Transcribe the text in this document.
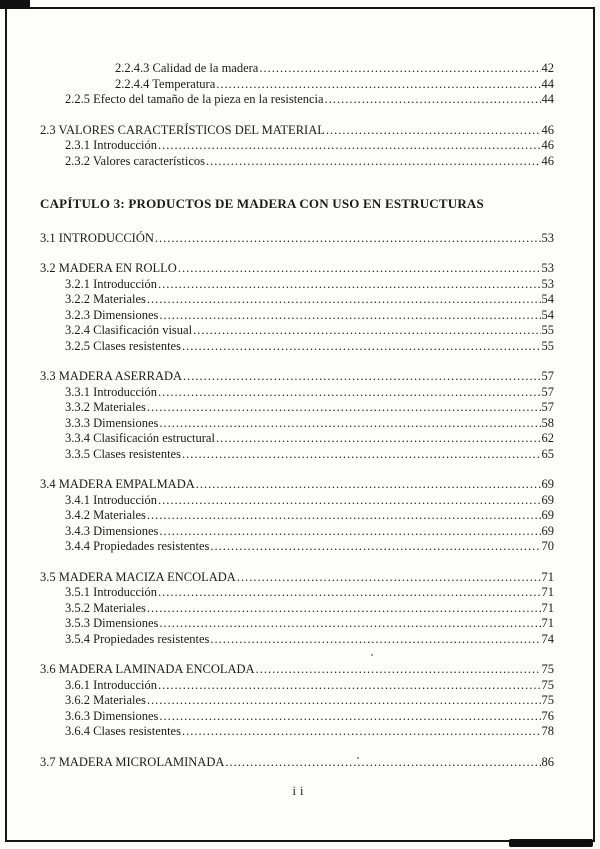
2.2.4.3 Calidad de la madera .....	42
2.2.4.4 Temperatura .....	44
2.2.5 Efecto del tamaño de la pieza en la resistencia .....	44
2.3 VALORES CARACTERÍSTICOS DEL MATERIAL .....	46
2.3.1 Introducción .....	46
2.3.2 Valores característicos .....	46
CAPÍTULO 3: PRODUCTOS DE MADERA CON USO EN ESTRUCTURAS
3.1 INTRODUCCIÓN .....	53
3.2 MADERA EN ROLLO .....	53
3.2.1 Introducción .....	53
3.2.2 Materiales .....	54
3.2.3 Dimensiones .....	54
3.2.4 Clasificación visual .....	55
3.2.5 Clases resistentes .....	55
3.3 MADERA ASERRADA .....	57
3.3.1 Introducción .....	57
3.3.2 Materiales .....	57
3.3.3 Dimensiones .....	58
3.3.4 Clasificación estructural .....	62
3.3.5 Clases resistentes .....	65
3.4 MADERA EMPALMADA .....	69
3.4.1 Introducción .....	69
3.4.2 Materiales .....	69
3.4.3 Dimensiones .....	69
3.4.4 Propiedades resistentes .....	70
3.5 MADERA MACIZA ENCOLADA .....	71
3.5.1 Introducción .....	71
3.5.2 Materiales .....	71
3.5.3 Dimensiones .....	71
3.5.4 Propiedades resistentes .....	74
3.6 MADERA LAMINADA ENCOLADA .....	75
3.6.1 Introducción .....	75
3.6.2 Materiales .....	75
3.6.3 Dimensiones .....	76
3.6.4 Clases resistentes .....	78
3.7 MADERA MICROLAMINADA .....	86
ii
